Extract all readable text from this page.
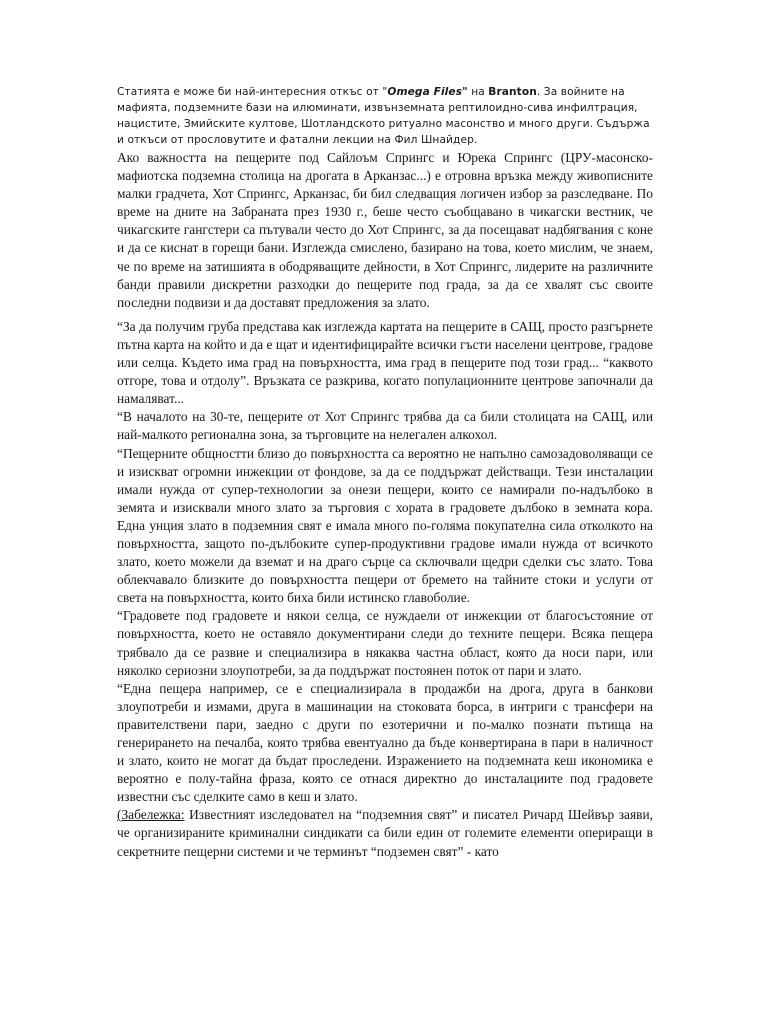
Статията е може би най-интересния откъс от "Omega Files" на Branton. За войните на мафията, подземните бази на илюминати, извънземната рептилоидно-сива инфилтрация, нацистите, Змийските култове, Шотландското ритуално масонство и много други. Съдържа и откъси от прословутите и фатални лекции на Фил Шнайдер.

Ако важността на пещерите под Сайлоъм Спрингс и Юрека Спрингс (ЦРУ-масонско-мафиотска подземна столица на дрогата в Арканзас...) е отровна връзка между живописните малки градчета, Хот Спрингс, Арканзас, би бил следващия логичен избор за разследване. По време на дните на Забраната през 1930 г., беше често съобщавано в чикагски вестник, че чикагските гангстери са пътували често до Хот Спрингс, за да посещават надбягвания с коне и да се киснат в горещи бани. Изглежда смислено, базирано на това, което мислим, че знаем, че по време на затишията в ободряващите дейности, в Хот Спрингс, лидерите на различните банди правили дискретни разходки до пещерите под града, за да се хвалят със своите последни подвизи и да доставят предложения за злато.

“За да получим груба представа как изглежда картата на пещерите в САЩ, просто разгърнете пътна карта на който и да е щат и идентифицирайте всички гъсти населени центрове, градове или селца. Където има град на повърхността, има град в пещерите под този град... “каквото отгоре, това и отдолу”. Връзката се разкрива, когато популационните центрове започнали да намаляват...

“В началото на 30-те, пещерите от Хот Спрингс трябва да са били столицата на САЩ, или най-малкото регионална зона, за търговците на нелегален алкохол.

“Пещерните общностти близо до повърхността са вероятно не напълно самозадоволяващи се и изискват огромни инжекции от фондове, за да се поддържат действащи. Тези инсталации имали нужда от супер-технологии за онези пещери, които се намирали по-надълбоко в земята и изисквали много злато за търговия с хората в градовете дълбоко в земната кора. Една унция злато в подземния свят е имала много по-голяма покупателна сила отколкото на повърхността, защото по-дълбоките супер-продуктивни градове имали нужда от всичкото злато, което можели да вземат и на драго сърце са сключвали щедри сделки със злато. Това облекчавало близките до повърхността пещери от бремето на тайните стоки и услуги от света на повърхността, които биха били истинско главоболие.

“Градовете под градовете и някои селца, се нуждаели от инжекции от благосъстояние от повърхността, което не оставяло документирани следи до техните пещери. Всяка пещера трябвало да се развие и специализира в някаква частна област, която да носи пари, или няколко сериозни злоупотреби, за да поддържат постоянен поток от пари и злато.

“Една пещера например, се е специализирала в продажби на дрога, друга в банкови злоупотреби и измами, друга в машинации на стоковата борса, в интриги с трансфери на правителствени пари, заедно с други по езотерични и по-малко познати пътища на генерирането на печалба, която трябва евентуално да бъде конвертирана в пари в наличност и злато, които не могат да бъдат проследени. Изражението на подземната кеш икономика е вероятно е полу-тайна фраза, която се отнася директно до инсталациите под градовете известни със сделките само в кеш и злато.

(Забележка: Известният изследовател на “подземния свят” и писател Ричард Шейвър заяви, че организираните криминални синдикати са били един от големите елементи опериращи в секретните пещерни системи и че терминът “подземен свят” - като
